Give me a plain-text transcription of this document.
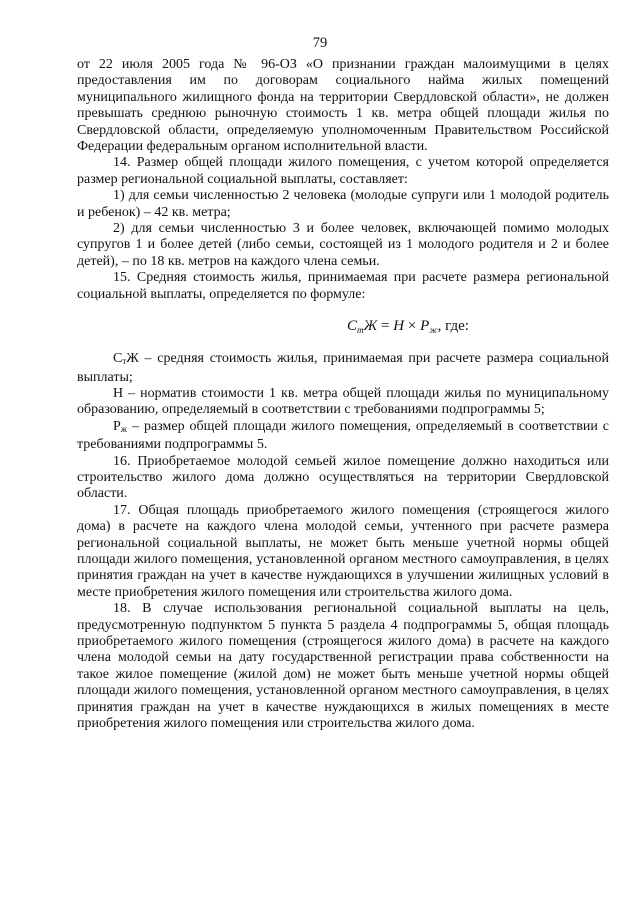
79

от 22 июля 2005 года № 96-ОЗ «О признании граждан малоимущими в целях предоставления им по договорам социального найма жилых помещений муниципального жилищного фонда на территории Свердловской области», не должен превышать среднюю рыночную стоимость 1 кв. метра общей площади жилья по Свердловской области, определяемую уполномоченным Правительством Российской Федерации федеральным органом исполнительной власти.

14. Размер общей площади жилого помещения, с учетом которой определяется размер региональной социальной выплаты, составляет:

1) для семьи численностью 2 человека (молодые супруги или 1 молодой родитель и ребенок) – 42 кв. метра;

2) для семьи численностью 3 и более человек, включающей помимо молодых супругов 1 и более детей (либо семьи, состоящей из 1 молодого родителя и 2 и более детей), – по 18 кв. метров на каждого члена семьи.

15. Средняя стоимость жилья, принимаемая при расчете размера региональной социальной выплаты, определяется по формуле:

$С_тЖ = Н \times Р_ж$, где:

$С_тЖ$ – средняя стоимость жилья, принимаемая при расчете размера социальной выплаты;

Н – норматив стоимости 1 кв. метра общей площади жилья по муниципальному образованию, определяемый в соответствии с требованиями подпрограммы 5;

$Р_ж$ – размер общей площади жилого помещения, определяемый в соответствии с требованиями подпрограммы 5.

16. Приобретаемое молодой семьей жилое помещение должно находиться или строительство жилого дома должно осуществляться на территории Свердловской области.

17. Общая площадь приобретаемого жилого помещения (строящегося жилого дома) в расчете на каждого члена молодой семьи, учтенного при расчете размера региональной социальной выплаты, не может быть меньше учетной нормы общей площади жилого помещения, установленной органом местного самоуправления, в целях принятия граждан на учет в качестве нуждающихся в улучшении жилищных условий в месте приобретения жилого помещения или строительства жилого дома.

18. В случае использования региональной социальной выплаты на цель, предусмотренную подпунктом 5 пункта 5 раздела 4 подпрограммы 5, общая площадь приобретаемого жилого помещения (строящегося жилого дома) в расчете на каждого члена молодой семьи на дату государственной регистрации права собственности на такое жилое помещение (жилой дом) не может быть меньше учетной нормы общей площади жилого помещения, установленной органом местного самоуправления, в целях принятия граждан на учет в качестве нуждающихся в жилых помещениях в месте приобретения жилого помещения или строительства жилого дома.
